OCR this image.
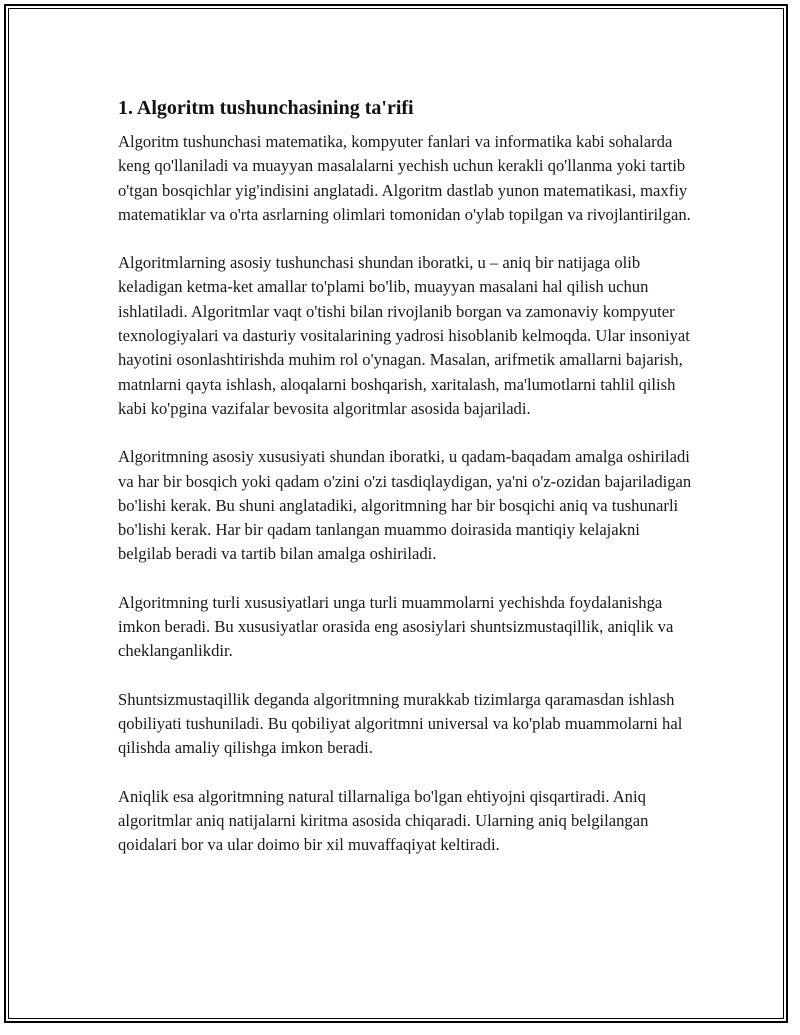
1. Algoritm tushunchasining ta'rifi

Algoritm tushunchasi matematika, kompyuter fanlari va informatika kabi sohalarda keng qo'llaniladi va muayyan masalalarni yechish uchun kerakli qo'llanma yoki tartib o'tgan bosqichlar yig'indisini anglatadi. Algoritm dastlab yunon matematikasi, maxfiy matematiklar va o'rta asrlarning olimlari tomonidan o'ylab topilgan va rivojlantirilgan.

Algoritmlarning asosiy tushunchasi shundan iboratki, u – aniq bir natijaga olib keladigan ketma-ket amallar to'plami bo'lib, muayyan masalani hal qilish uchun ishlatiladi. Algoritmlar vaqt o'tishi bilan rivojlanib borgan va zamonaviy kompyuter texnologiyalari va dasturiy vositalarining yadrosi hisoblanib kelmoqda. Ular insoniyat hayotini osonlashtirishda muhim rol o'ynagan. Masalan, arifmetik amallarni bajarish, matnlarni qayta ishlash, aloqalarni boshqarish, xaritalash, ma'lumotlarni tahlil qilish kabi ko'pgina vazifalar bevosita algoritmlar asosida bajariladi.

Algoritmning asosiy xususiyati shundan iboratki, u qadam-baqadam amalga oshiriladi va har bir bosqich yoki qadam o'zini o'zi tasdiqlaydigan, ya'ni o'z-ozidan bajariladigan bo'lishi kerak. Bu shuni anglatadiki, algoritmning har bir bosqichi aniq va tushunarli bo'lishi kerak. Har bir qadam tanlangan muammo doirasida mantiqiy kelajakni belgilab beradi va tartib bilan amalga oshiriladi.

Algoritmning turli xususiyatlari unga turli muammolarni yechishda foydalanishga imkon beradi. Bu xususiyatlar orasida eng asosiylari shuntsizmustaqillik, aniqlik va cheklanganlikdir.

Shuntsizmustaqillik deganda algoritmning murakkab tizimlarga qaramasdan ishlash qobiliyati tushuniladi. Bu qobiliyat algoritmni universal va ko'plab muammolarni hal qilishda amaliy qilishga imkon beradi.

Aniqlik esa algoritmning natural tillarnaliga bo'lgan ehtiyojni qisqartiradi. Aniq algoritmlar aniq natijalarni kiritma asosida chiqaradi. Ularning aniq belgilangan qoidalari bor va ular doimo bir xil muvaffaqiyat keltiradi.
